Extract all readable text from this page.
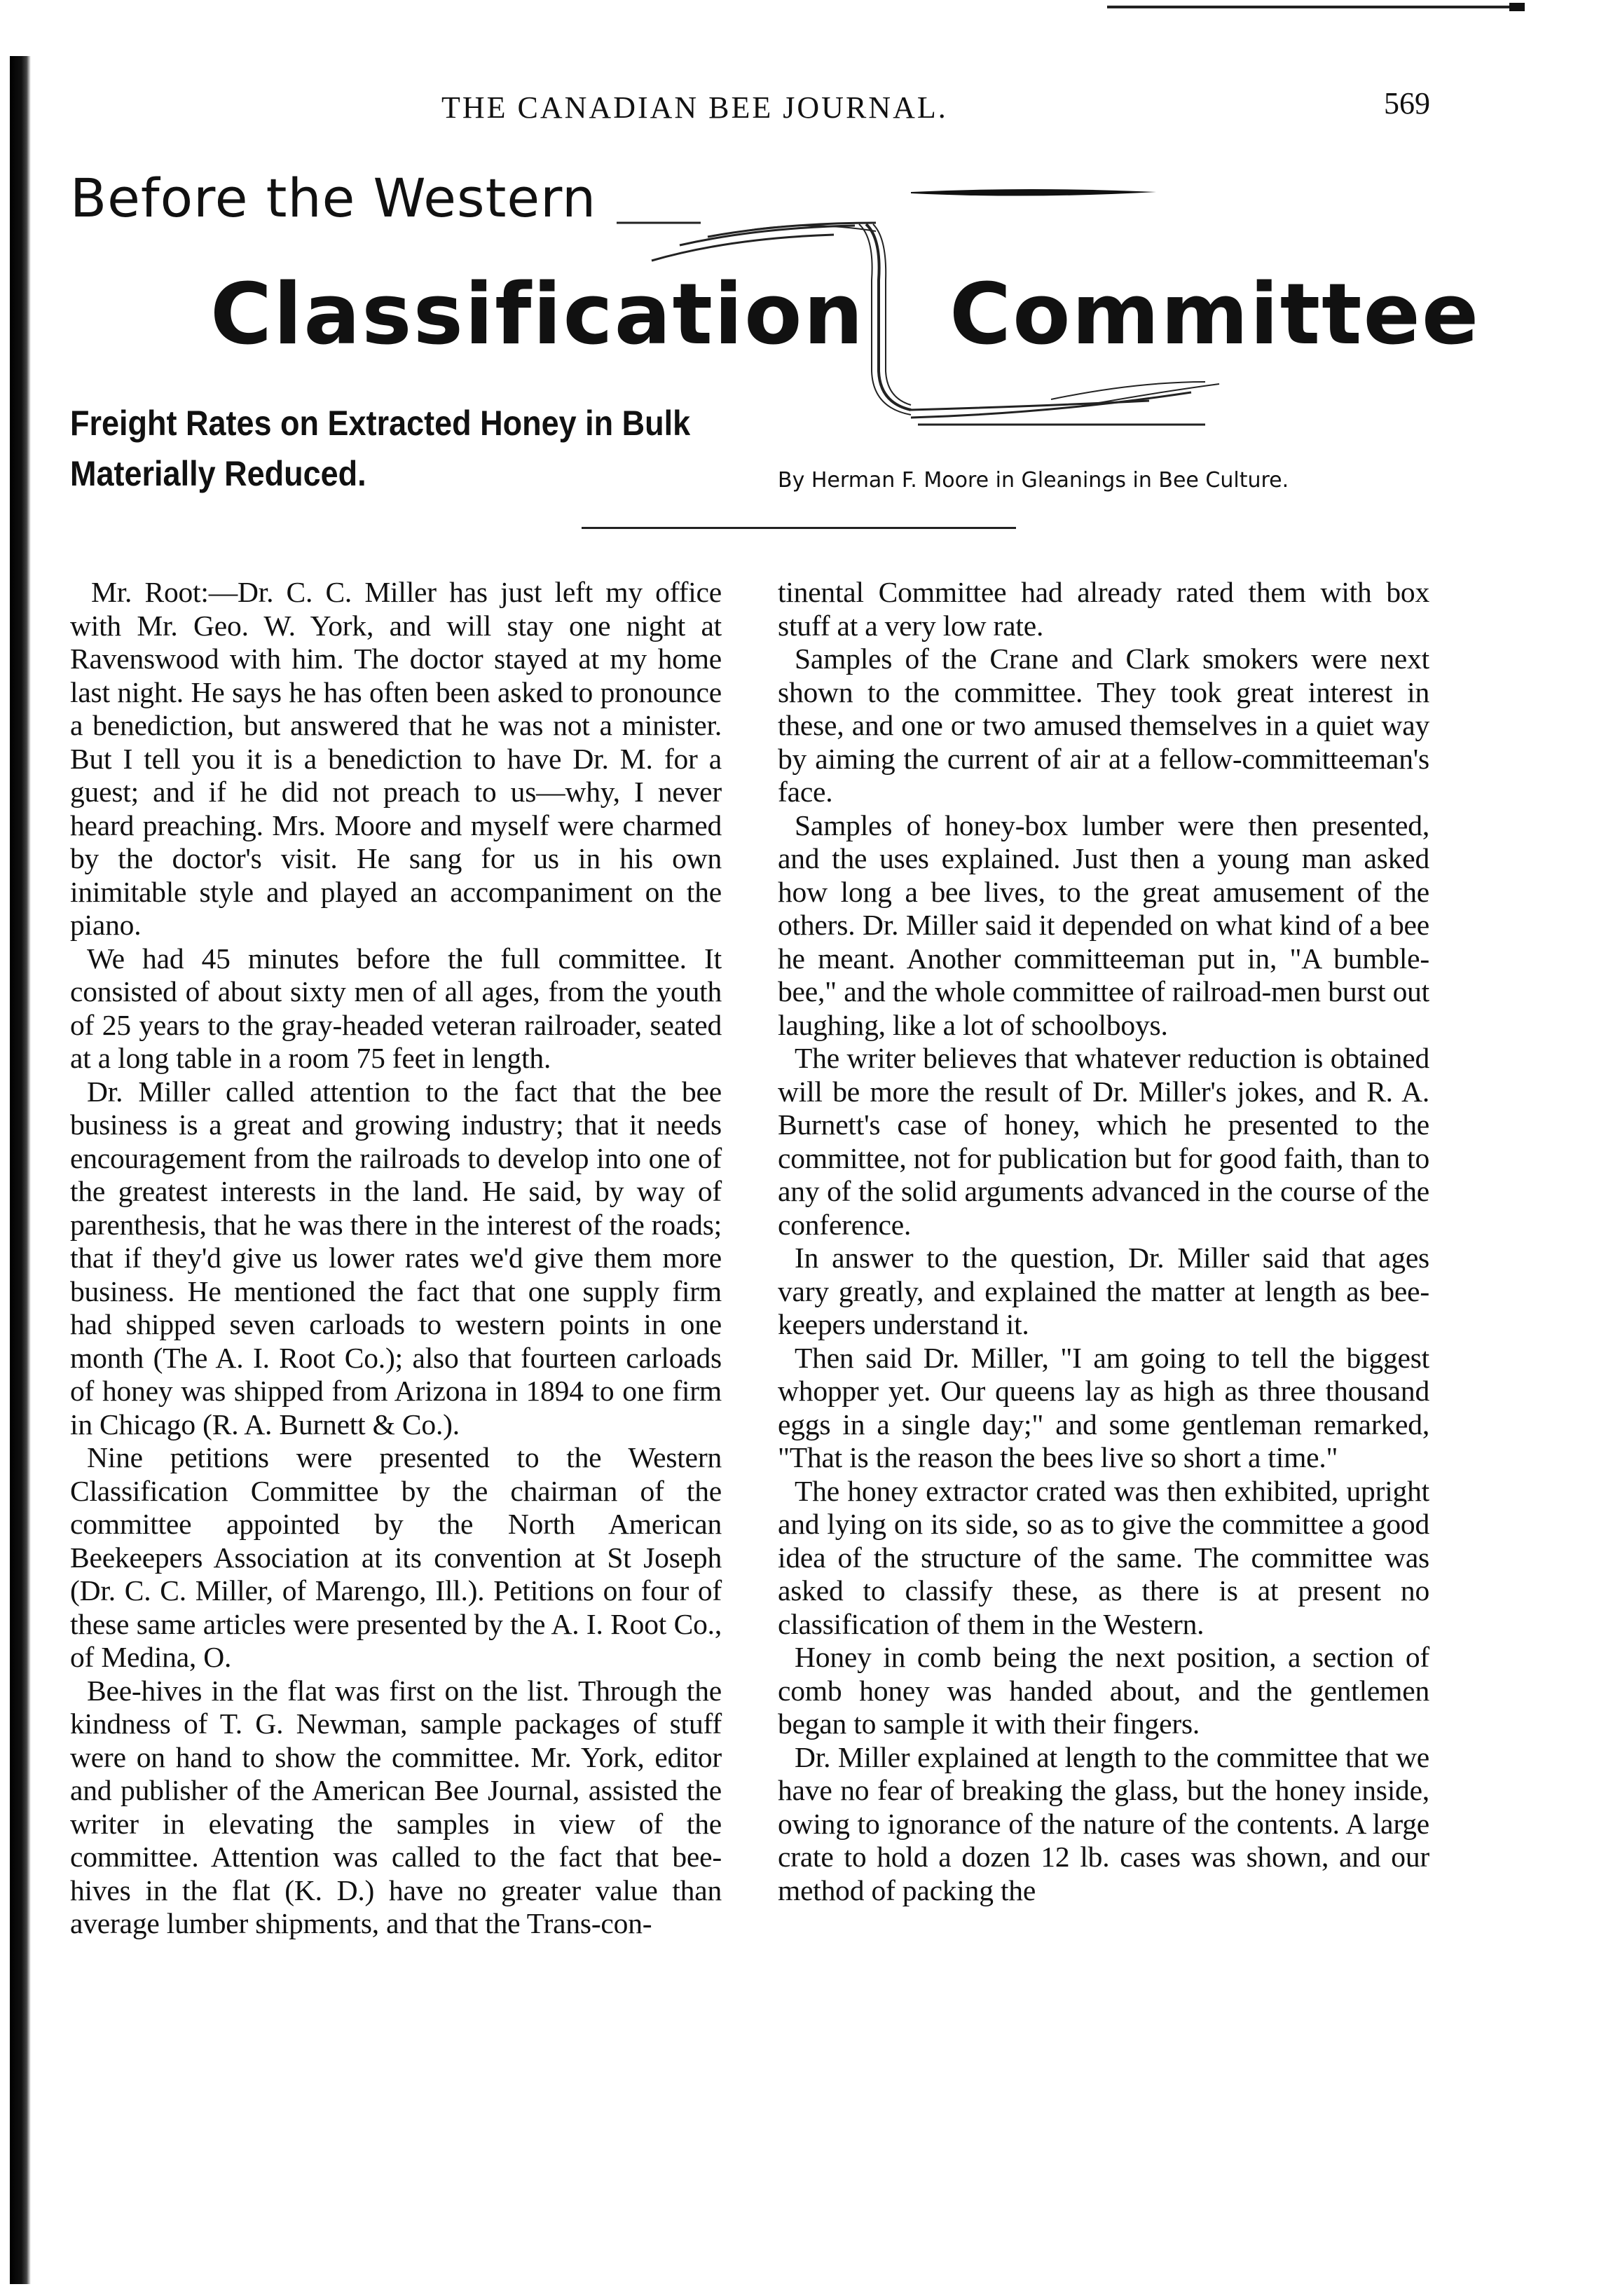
THE CANADIAN BEE JOURNAL.	569
Before the Western
Classification Committee
Freight Rates on Extracted Honey in Bulk
Materially Reduced.	By Herman F. Moore in Gleanings in Bee Culture.

Mr. Root:—Dr. C. C. Miller has just left my office with Mr. Geo. W. York, and will stay one night at Ravenswood with him. The doctor stayed at my home last night. He says he has often been asked to pronounce a benediction, but answered that he was not a minister. But I tell you it is a benediction to have Dr. M. for a guest; and if he did not preach to us—why, I never heard preaching. Mrs. Moore and myself were charmed by the doctor's visit. He sang for us in his own inimitable style and played an accompaniment on the piano.

We had 45 minutes before the full committee. It consisted of about sixty men of all ages, from the youth of 25 years to the gray-headed veteran railroader, seated at a long table in a room 75 feet in length.

Dr. Miller called attention to the fact that the bee business is a great and growing industry; that it needs encouragement from the railroads to develop into one of the greatest interests in the land. He said, by way of parenthesis, that he was there in the interest of the roads; that if they'd give us lower rates we'd give them more business. He mentioned the fact that one supply firm had shipped seven carloads to western points in one month (The A. I. Root Co.); also that fourteen carloads of honey was shipped from Arizona in 1894 to one firm in Chicago (R. A. Burnett & Co.).

Nine petitions were presented to the Western Classification Committee by the chairman of the committee appointed by the North American Beekeepers Association at its convention at St Joseph (Dr. C. C. Miller, of Marengo, Ill.). Petitions on four of these same articles were presented by the A. I. Root Co., of Medina, O.

Bee-hives in the flat was first on the list. Through the kindness of T. G. Newman, sample packages of stuff were on hand to show the committee. Mr. York, editor and publisher of the American Bee Journal, assisted the writer in elevating the samples in view of the committee. Attention was called to the fact that bee-hives in the flat (K. D.) have no greater value than average lumber shipments, and that the Trans-con-

tinental Committee had already rated them with box stuff at a very low rate.

Samples of the Crane and Clark smokers were next shown to the committee. They took great interest in these, and one or two amused themselves in a quiet way by aiming the current of air at a fellow-committeeman's face.

Samples of honey-box lumber were then presented, and the uses explained. Just then a young man asked how long a bee lives, to the great amusement of the others. Dr. Miller said it depended on what kind of a bee he meant. Another committeeman put in, "A bumble-bee," and the whole committee of railroad-men burst out laughing, like a lot of schoolboys.

The writer believes that whatever reduction is obtained will be more the result of Dr. Miller's jokes, and R. A. Burnett's case of honey, which he presented to the committee, not for publication but for good faith, than to any of the solid arguments advanced in the course of the conference.

In answer to the question, Dr. Miller said that ages vary greatly, and explained the matter at length as bee-keepers understand it.

Then said Dr. Miller, "I am going to tell the biggest whopper yet. Our queens lay as high as three thousand eggs in a single day;" and some gentleman remarked, "That is the reason the bees live so short a time."

The honey extractor crated was then exhibited, upright and lying on its side, so as to give the committee a good idea of the structure of the same. The committee was asked to classify these, as there is at present no classification of them in the Western.

Honey in comb being the next position, a section of comb honey was handed about, and the gentlemen began to sample it with their fingers.

Dr. Miller explained at length to the committee that we have no fear of breaking the glass, but the honey inside, owing to ignorance of the nature of the contents. A large crate to hold a dozen 12 lb. cases was shown, and our method of packing the
